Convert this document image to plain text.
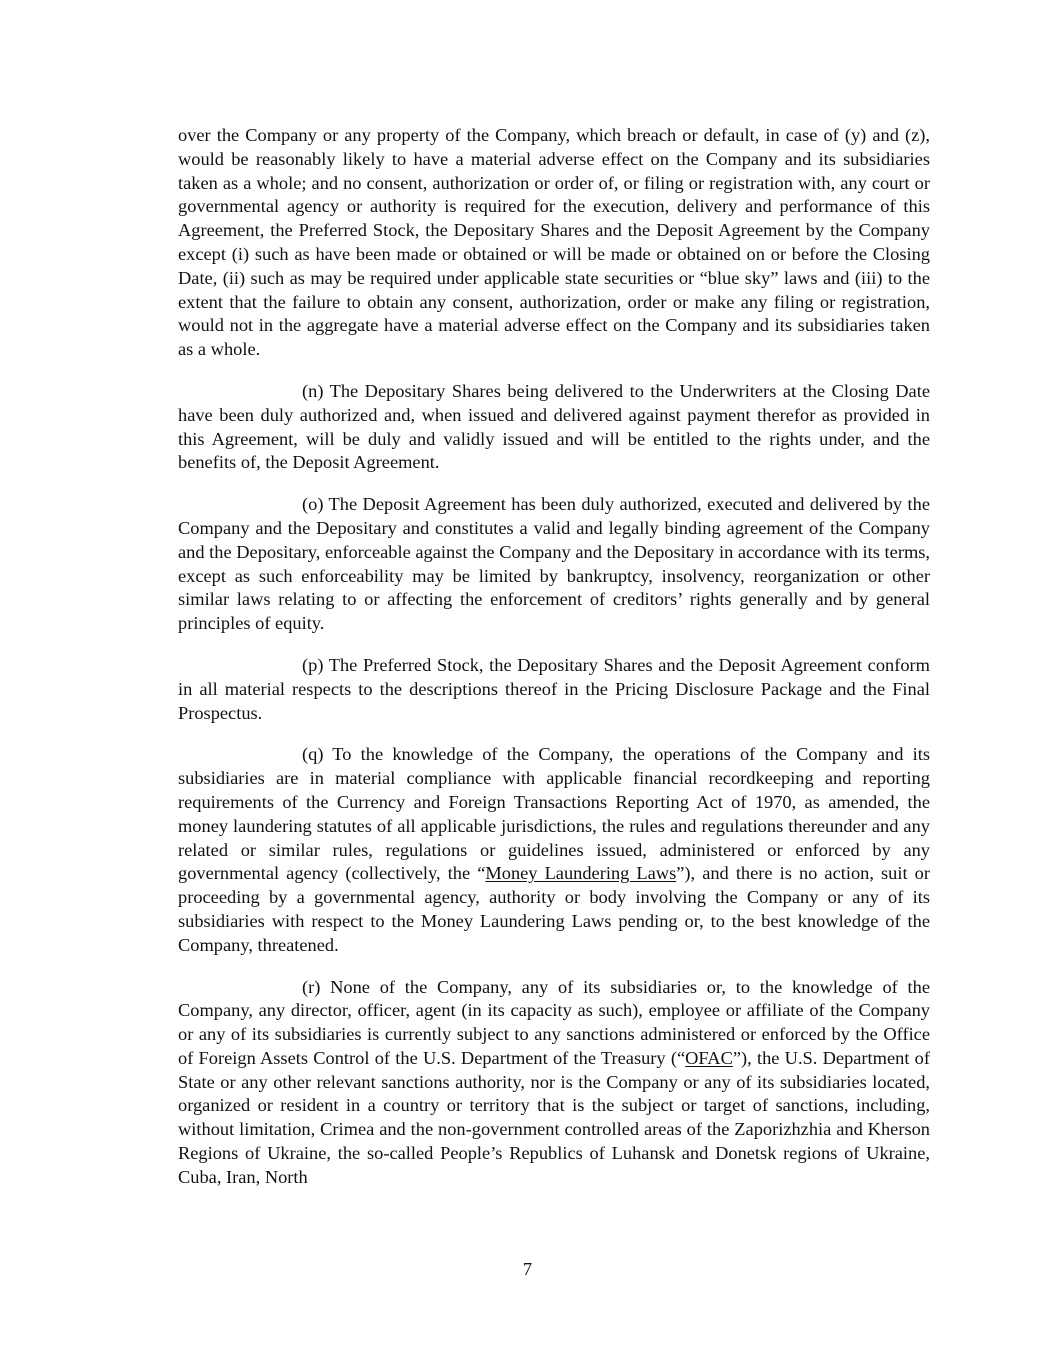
over the Company or any property of the Company, which breach or default, in case of (y) and (z), would be reasonably likely to have a material adverse effect on the Company and its subsidiaries taken as a whole; and no consent, authorization or order of, or filing or registration with, any court or governmental agency or authority is required for the execution, delivery and performance of this Agreement, the Preferred Stock, the Depositary Shares and the Deposit Agreement by the Company except (i) such as have been made or obtained or will be made or obtained on or before the Closing Date, (ii) such as may be required under applicable state securities or “blue sky” laws and (iii) to the extent that the failure to obtain any consent, authorization, order or make any filing or registration, would not in the aggregate have a material adverse effect on the Company and its subsidiaries taken as a whole.

(n) The Depositary Shares being delivered to the Underwriters at the Closing Date have been duly authorized and, when issued and delivered against payment therefor as provided in this Agreement, will be duly and validly issued and will be entitled to the rights under, and the benefits of, the Deposit Agreement.

(o) The Deposit Agreement has been duly authorized, executed and delivered by the Company and the Depositary and constitutes a valid and legally binding agreement of the Company and the Depositary, enforceable against the Company and the Depositary in accordance with its terms, except as such enforceability may be limited by bankruptcy, insolvency, reorganization or other similar laws relating to or affecting the enforcement of creditors’ rights generally and by general principles of equity.

(p) The Preferred Stock, the Depositary Shares and the Deposit Agreement conform in all material respects to the descriptions thereof in the Pricing Disclosure Package and the Final Prospectus.

(q) To the knowledge of the Company, the operations of the Company and its subsidiaries are in material compliance with applicable financial recordkeeping and reporting requirements of the Currency and Foreign Transactions Reporting Act of 1970, as amended, the money laundering statutes of all applicable jurisdictions, the rules and regulations thereunder and any related or similar rules, regulations or guidelines issued, administered or enforced by any governmental agency (collectively, the “Money Laundering Laws”), and there is no action, suit or proceeding by a governmental agency, authority or body involving the Company or any of its subsidiaries with respect to the Money Laundering Laws pending or, to the best knowledge of the Company, threatened.

(r) None of the Company, any of its subsidiaries or, to the knowledge of the Company, any director, officer, agent (in its capacity as such), employee or affiliate of the Company or any of its subsidiaries is currently subject to any sanctions administered or enforced by the Office of Foreign Assets Control of the U.S. Department of the Treasury (“OFAC”), the U.S. Department of State or any other relevant sanctions authority, nor is the Company or any of its subsidiaries located, organized or resident in a country or territory that is the subject or target of sanctions, including, without limitation, Crimea and the non-government controlled areas of the Zaporizhzhia and Kherson Regions of Ukraine, the so-called People’s Republics of Luhansk and Donetsk regions of Ukraine, Cuba, Iran, North

7
